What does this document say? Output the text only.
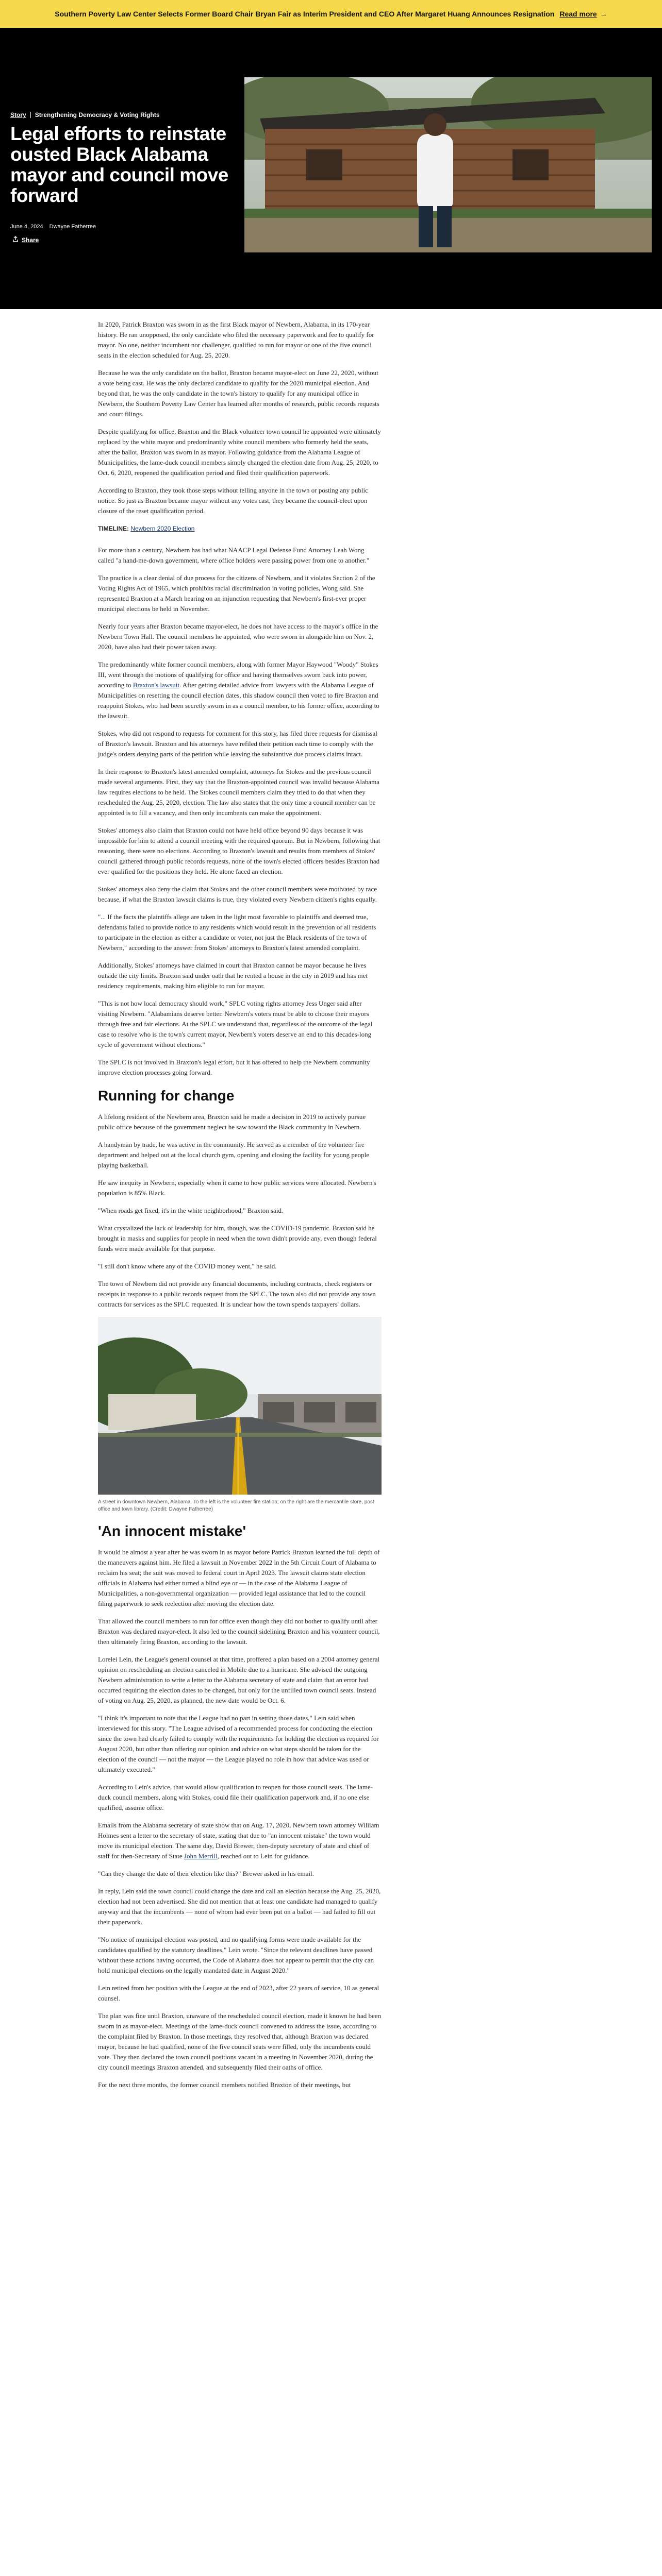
Southern Poverty Law Center Selects Former Board Chair Bryan Fair as Interim President and CEO After Margaret Huang Announces Resignation Read more →
Story Strengthening Democracy & Voting Rights
Legal efforts to reinstate ousted Black Alabama mayor and council move forward
June 4, 2024 Dwayne Fatherree
Share

In 2020, Patrick Braxton was sworn in as the first Black mayor of Newbern, Alabama, in its 170-year history. He ran unopposed, the only candidate who filed the necessary paperwork and fee to qualify for mayor. No one, neither incumbent nor challenger, qualified to run for mayor or one of the five council seats in the election scheduled for Aug. 25, 2020.

Because he was the only candidate on the ballot, Braxton became mayor-elect on June 22, 2020, without a vote being cast. He was the only declared candidate to qualify for the 2020 municipal election. And beyond that, he was the only candidate in the town's history to qualify for any municipal office in Newbern, the Southern Poverty Law Center has learned after months of research, public records requests and court filings.

Despite qualifying for office, Braxton and the Black volunteer town council he appointed were ultimately replaced by the white mayor and predominantly white council members who formerly held the seats, after the ballot, Braxton was sworn in as mayor. Following guidance from the Alabama League of Municipalities, the lame-duck council members simply changed the election date from Aug. 25, 2020, to Oct. 6, 2020, reopened the qualification period and filed their qualification paperwork.

According to Braxton, they took those steps without telling anyone in the town or posting any public notice. So just as Braxton became mayor without any votes cast, they became the council-elect upon closure of the reset qualification period.

TIMELINE: Newbern 2020 Election

For more than a century, Newbern has had what NAACP Legal Defense Fund Attorney Leah Wong called "a hand-me-down government, where office holders were passing power from one to another."

The practice is a clear denial of due process for the citizens of Newbern, and it violates Section 2 of the Voting Rights Act of 1965, which prohibits racial discrimination in voting policies, Wong said. She represented Braxton at a March hearing on an injunction requesting that Newbern's first-ever proper municipal elections be held in November.

Nearly four years after Braxton became mayor-elect, he does not have access to the mayor's office in the Newbern Town Hall. The council members he appointed, who were sworn in alongside him on Nov. 2, 2020, have also had their power taken away.

The predominantly white former council members, along with former Mayor Haywood "Woody" Stokes III, went through the motions of qualifying for office and having themselves sworn back into power, according to Braxton's lawsuit. After getting detailed advice from lawyers with the Alabama League of Municipalities on resetting the council election dates, this shadow council then voted to fire Braxton and reappoint Stokes, who had been secretly sworn in as a council member, to his former office, according to the lawsuit.

Stokes, who did not respond to requests for comment for this story, has filed three requests for dismissal of Braxton's lawsuit. Braxton and his attorneys have refiled their petition each time to comply with the judge's orders denying parts of the petition while leaving the substantive due process claims intact.

In their response to Braxton's latest amended complaint, attorneys for Stokes and the previous council made several arguments. First, they say that the Braxton-appointed council was invalid because Alabama law requires elections to be held. The Stokes council members claim they tried to do that when they rescheduled the Aug. 25, 2020, election. The law also states that the only time a council member can be appointed is to fill a vacancy, and then only incumbents can make the appointment.

Stokes' attorneys also claim that Braxton could not have held office beyond 90 days because it was impossible for him to attend a council meeting with the required quorum. But in Newbern, following that reasoning, there were no elections. According to Braxton's lawsuit and results from members of Stokes' council gathered through public records requests, none of the town's elected officers besides Braxton had ever qualified for the positions they held. He alone faced an election.

Stokes' attorneys also deny the claim that Stokes and the other council members were motivated by race because, if what the Braxton lawsuit claims is true, they violated every Newbern citizen's rights equally.

"... If the facts the plaintiffs allege are taken in the light most favorable to plaintiffs and deemed true, defendants failed to provide notice to any residents which would result in the prevention of all residents to participate in the election as either a candidate or voter, not just the Black residents of the town of Newbern," according to the answer from Stokes' attorneys to Braxton's latest amended complaint.

Additionally, Stokes' attorneys have claimed in court that Braxton cannot be mayor because he lives outside the city limits. Braxton said under oath that he rented a house in the city in 2019 and has met residency requirements, making him eligible to run for mayor.

"This is not how local democracy should work," SPLC voting rights attorney Jess Unger said after visiting Newbern. "Alabamians deserve better. Newbern's voters must be able to choose their mayors through free and fair elections. At the SPLC we understand that, regardless of the outcome of the legal case to resolve who is the town's current mayor, Newbern's voters deserve an end to this decades-long cycle of government without elections."

The SPLC is not involved in Braxton's legal effort, but it has offered to help the Newbern community improve election processes going forward.

Running for change

A lifelong resident of the Newbern area, Braxton said he made a decision in 2019 to actively pursue public office because of the government neglect he saw toward the Black community in Newbern.

A handyman by trade, he was active in the community. He served as a member of the volunteer fire department and helped out at the local church gym, opening and closing the facility for young people playing basketball.

He saw inequity in Newbern, especially when it came to how public services were allocated. Newbern's population is 85% Black.

"When roads get fixed, it's in the white neighborhood," Braxton said.

What crystalized the lack of leadership for him, though, was the COVID-19 pandemic. Braxton said he brought in masks and supplies for people in need when the town didn't provide any, even though federal funds were made available for that purpose.

"I still don't know where any of the COVID money went," he said.

The town of Newbern did not provide any financial documents, including contracts, check registers or receipts in response to a public records request from the SPLC. The town also did not provide any town contracts for services as the SPLC requested. It is unclear how the town spends taxpayers' dollars.

A street in downtown Newbern, Alabama. To the left is the volunteer fire station; on the right are the mercantile store, post office and town library. (Credit: Dwayne Fatherree)

'An innocent mistake'

It would be almost a year after he was sworn in as mayor before Patrick Braxton learned the full depth of the maneuvers against him. He filed a lawsuit in November 2022 in the 5th Circuit Court of Alabama to reclaim his seat; the suit was moved to federal court in April 2023. The lawsuit claims state election officials in Alabama had either turned a blind eye or — in the case of the Alabama League of Municipalities, a non-governmental organization — provided legal assistance that led to the council filing paperwork to seek reelection after moving the election date.

That allowed the council members to run for office even though they did not bother to qualify until after Braxton was declared mayor-elect. It also led to the council sidelining Braxton and his volunteer council, then ultimately firing Braxton, according to the lawsuit.

Lorelei Lein, the League's general counsel at that time, proffered a plan based on a 2004 attorney general opinion on rescheduling an election canceled in Mobile due to a hurricane. She advised the outgoing Newbern administration to write a letter to the Alabama secretary of state and claim that an error had occurred requiring the election dates to be changed, but only for the unfilled town council seats. Instead of voting on Aug. 25, 2020, as planned, the new date would be Oct. 6.

"I think it's important to note that the League had no part in setting those dates," Lein said when interviewed for this story. "The League advised of a recommended process for conducting the election since the town had clearly failed to comply with the requirements for holding the election as required for August 2020, but other than offering our opinion and advice on what steps should be taken for the election of the council — not the mayor — the League played no role in how that advice was used or ultimately executed."

According to Lein's advice, that would allow qualification to reopen for those council seats. The lame-duck council members, along with Stokes, could file their qualification paperwork and, if no one else qualified, assume office.

Emails from the Alabama secretary of state show that on Aug. 17, 2020, Newbern town attorney William Holmes sent a letter to the secretary of state, stating that due to "an innocent mistake" the town would move its municipal election. The same day, David Brewer, then-deputy secretary of state and chief of staff for then-Secretary of State John Merrill, reached out to Lein for guidance.

"Can they change the date of their election like this?" Brewer asked in his email.

In reply, Lein said the town council could change the date and call an election because the Aug. 25, 2020, election had not been advertised. She did not mention that at least one candidate had managed to qualify anyway and that the incumbents — none of whom had ever been put on a ballot — had failed to fill out their paperwork.

"No notice of municipal election was posted, and no qualifying forms were made available for the candidates qualified by the statutory deadlines," Lein wrote. "Since the relevant deadlines have passed without these actions having occurred, the Code of Alabama does not appear to permit that the city can hold municipal elections on the legally mandated date in August 2020."

Lein retired from her position with the League at the end of 2023, after 22 years of service, 10 as general counsel.

The plan was fine until Braxton, unaware of the rescheduled council election, made it known he had been sworn in as mayor-elect. Meetings of the lame-duck council convened to address the issue, according to the complaint filed by Braxton. In those meetings, they resolved that, although Braxton was declared mayor, because he had qualified, none of the five council seats were filled, only the incumbents could vote. They then declared the town council positions vacant in a meeting in November 2020, during the city council meetings Braxton attended, and subsequently filed their oaths of office.

For the next three months, the former council members notified Braxton of their meetings, but
